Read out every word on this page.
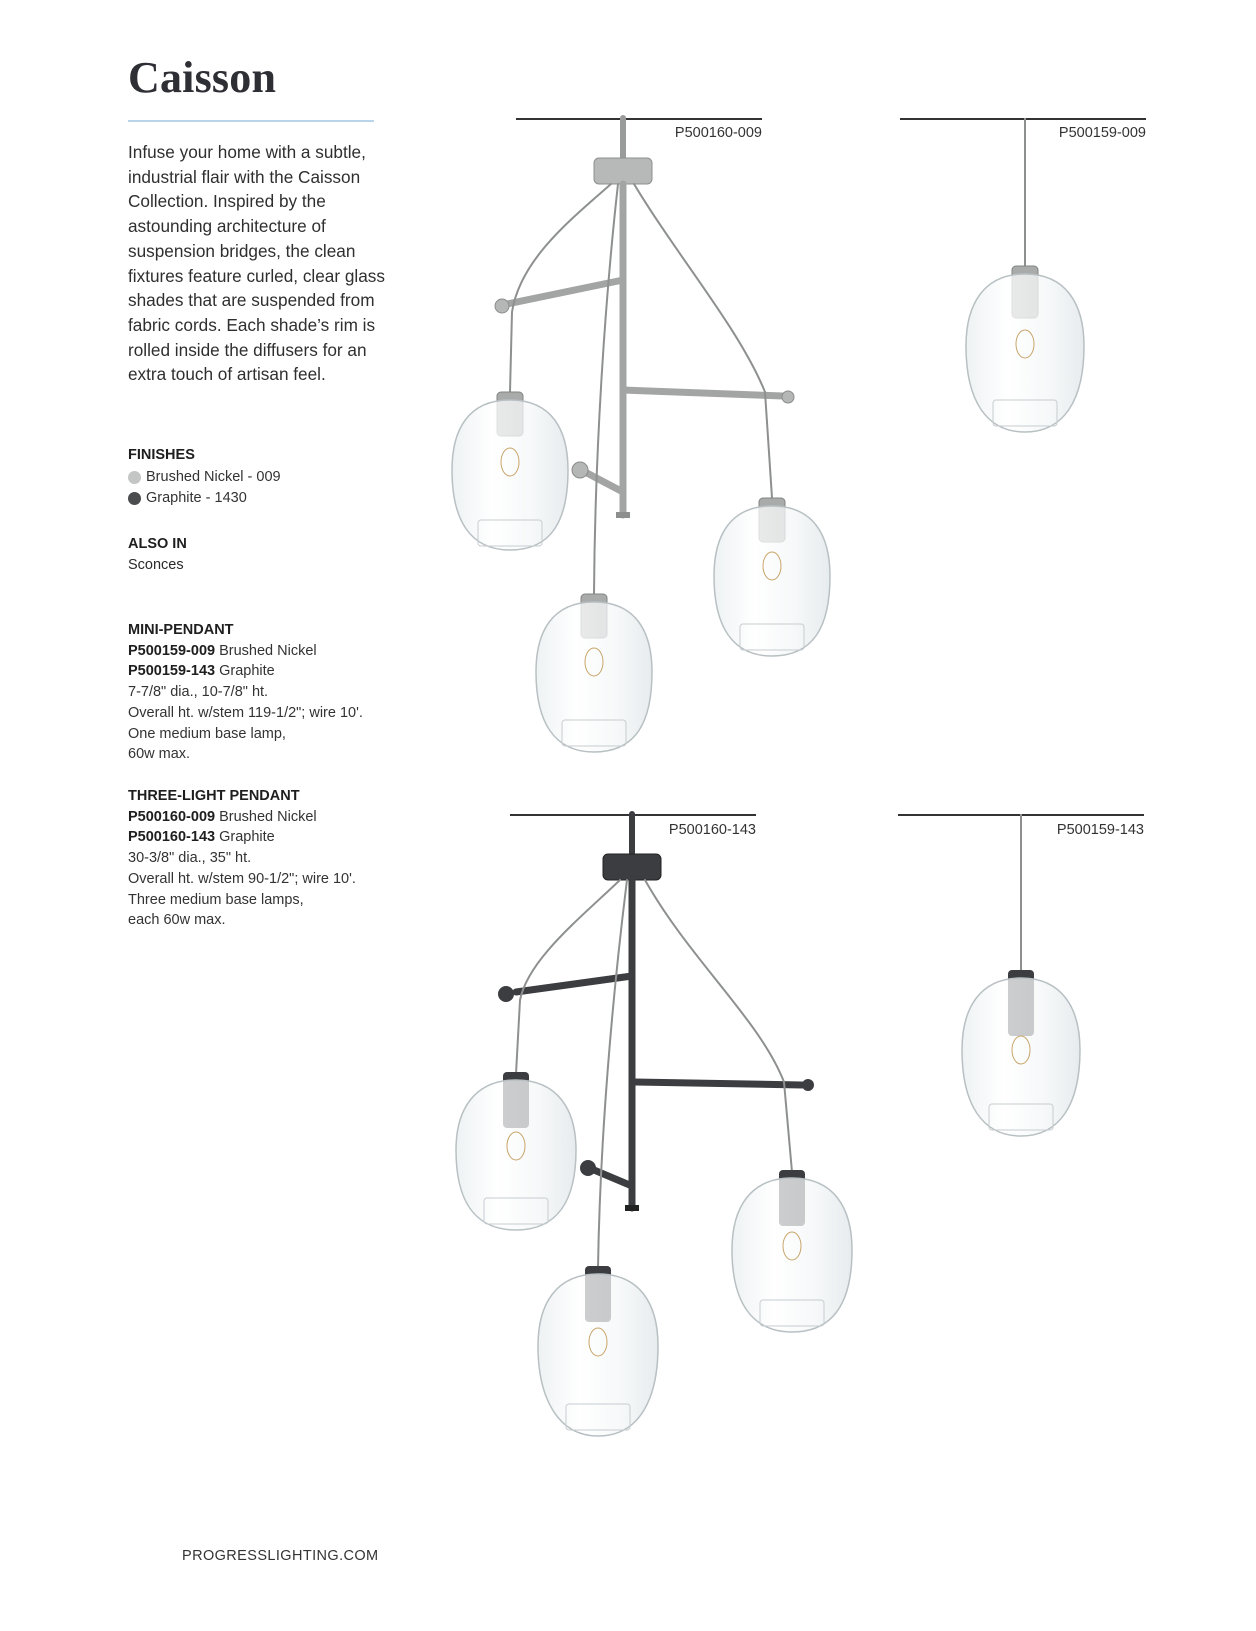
Caisson

Infuse your home with a subtle, industrial flair with the Caisson Collection. Inspired by the astounding architecture of suspension bridges, the clean fixtures feature curled, clear glass shades that are suspended from fabric cords. Each shade’s rim is rolled inside the diffusers for an extra touch of artisan feel.

FINISHES

Brushed Nickel - 009
Graphite - 1430

ALSO IN

Sconces

MINI-PENDANT

P500159-009 Brushed Nickel
P500159-143 Graphite
7-7/8" dia., 10-7/8" ht.
Overall ht. w/stem 119-1/2"; wire 10'.
One medium base lamp,
60w max.

THREE-LIGHT PENDANT

P500160-009 Brushed Nickel
P500160-143 Graphite
30-3/8" dia., 35" ht.
Overall ht. w/stem 90-1/2"; wire 10'.
Three medium base lamps,
each 60w max.
P500160-009	P500159-009
P500160-143	P500159-143
PROGRESSLIGHTING.COM
